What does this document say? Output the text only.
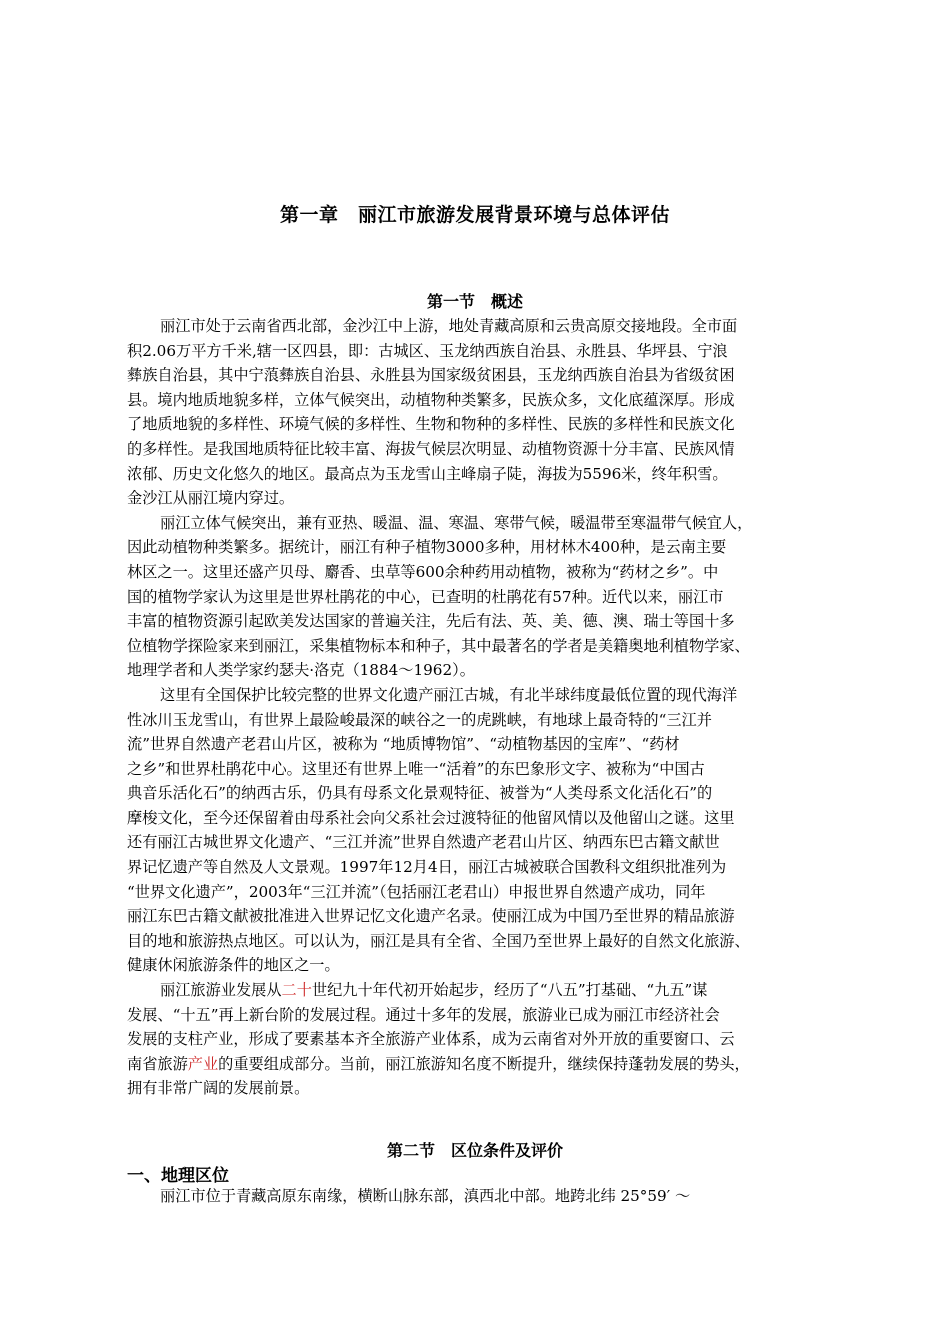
第一章　丽江市旅游发展背景环境与总体评估
第一节　概述
丽江市处于云南省西北部，金沙江中上游，地处青藏高原和云贵高原交接地段。全市面
积2.06万平方千米,辖一区四县，即：古城区、玉龙纳西族自治县、永胜县、华坪县、宁浪
彝族自治县，其中宁蒗彝族自治县、永胜县为国家级贫困县，玉龙纳西族自治县为省级贫困
县。境内地质地貌多样，立体气候突出，动植物种类繁多，民族众多，文化底蕴深厚。形成
了地质地貌的多样性、环境气候的多样性、生物和物种的多样性、民族的多样性和民族文化
的多样性。是我国地质特征比较丰富、海拔气候层次明显、动植物资源十分丰富、民族风情
浓郁、历史文化悠久的地区。最高点为玉龙雪山主峰扇子陡，海拔为5596米，终年积雪。
金沙江从丽江境内穿过。
丽江立体气候突出，兼有亚热、暖温、温、寒温、寒带气候，暖温带至寒温带气候宜人，
因此动植物种类繁多。据统计，丽江有种子植物3000多种，用材林木400种，是云南主要
林区之一。这里还盛产贝母、麝香、虫草等600余种药用动植物，被称为“药材之乡”。中
国的植物学家认为这里是世界杜鹃花的中心，已查明的杜鹃花有57种。近代以来，丽江市
丰富的植物资源引起欧美发达国家的普遍关注，先后有法、英、美、德、澳、瑞士等国十多
位植物学探险家来到丽江，采集植物标本和种子，其中最著名的学者是美籍奥地利植物学家、
地理学者和人类学家约瑟夫·洛克（1884～1962）。
这里有全国保护比较完整的世界文化遗产丽江古城，有北半球纬度最低位置的现代海洋
性冰川玉龙雪山，有世界上最险峻最深的峡谷之一的虎跳峡，有地球上最奇特的“三江并
流”世界自然遗产老君山片区，被称为 “地质博物馆”、“动植物基因的宝库”、“药材
之乡”和世界杜鹃花中心。这里还有世界上唯一“活着”的东巴象形文字、被称为“中国古
典音乐活化石”的纳西古乐，仍具有母系文化景观特征、被誉为“人类母系文化活化石”的
摩梭文化，至今还保留着由母系社会向父系社会过渡特征的他留风情以及他留山之谜。这里
还有丽江古城世界文化遗产、“三江并流”世界自然遗产老君山片区、纳西东巴古籍文献世
界记忆遗产等自然及人文景观。1997年12月4日，丽江古城被联合国教科文组织批准列为
“世界文化遗产”，2003年“三江并流”（包括丽江老君山）申报世界自然遗产成功，同年
丽江东巴古籍文献被批准进入世界记忆文化遗产名录。使丽江成为中国乃至世界的精品旅游
目的地和旅游热点地区。可以认为，丽江是具有全省、全国乃至世界上最好的自然文化旅游、
健康休闲旅游条件的地区之一。
丽江旅游业发展从二十世纪九十年代初开始起步，经历了“八五”打基础、“九五”谋
发展、“十五”再上新台阶的发展过程。通过十多年的发展，旅游业已成为丽江市经济社会
发展的支柱产业，形成了要素基本齐全旅游产业体系，成为云南省对外开放的重要窗口、云
南省旅游产业的重要组成部分。当前，丽江旅游知名度不断提升，继续保持蓬勃发展的势头，
拥有非常广阔的发展前景。
第二节　区位条件及评价
一、地理区位
丽江市位于青藏高原东南缘，横断山脉东部，滇西北中部。地跨北纬 25°59′ ～
